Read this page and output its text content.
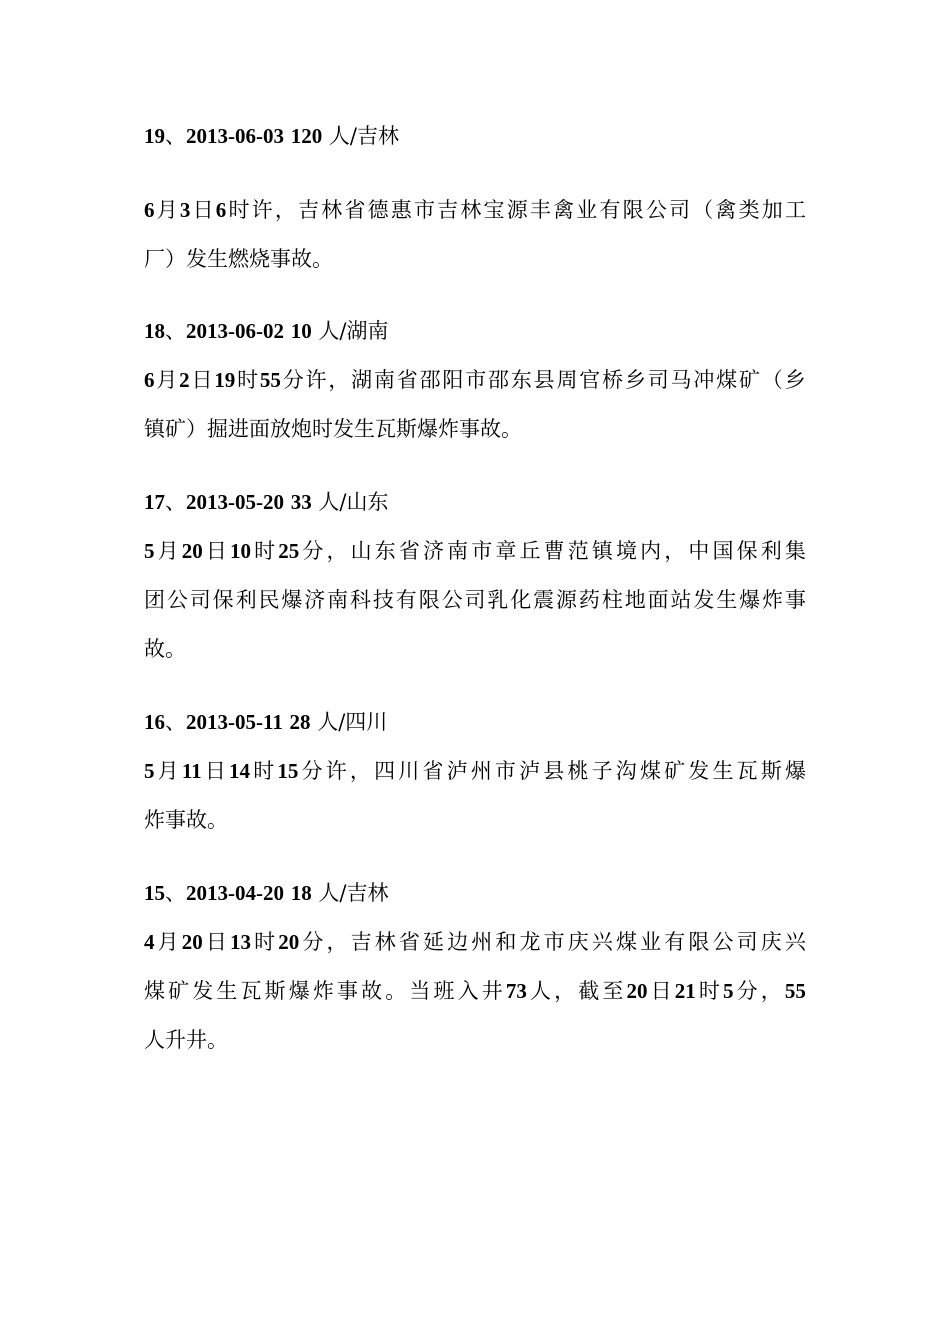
19、2013-06-03 120 人/吉林
6 月 3 日 6 时 许 ， 吉 林 省 德 惠 市 吉 林 宝 源 丰 禽 业 有 限 公 司 （ 禽 类 加 工
厂）发生燃烧事故。
18、2013-06-02 10 人/湖南
6 月 2 日 19 时 55 分 许 ， 湖 南 省 邵 阳 市 邵 东 县 周 官 桥 乡 司 马 冲 煤 矿 （ 乡
镇矿）掘进面放炮时发生瓦斯爆炸事故。
17、2013-05-20 33 人/山东
5 月 20 日 10 时 25 分 ， 山 东 省 济 南 市 章 丘 曹 范 镇 境 内 ， 中 国 保 利 集
团 公 司 保 利 民 爆 济 南 科 技 有 限 公 司 乳 化 震 源 药 柱 地 面 站 发 生 爆 炸 事
故。
16、2013-05-11 28 人/四川
5 月 11 日 14 时 15 分 许 ， 四 川 省 泸 州 市 泸 县 桃 子 沟 煤 矿 发 生 瓦 斯 爆
炸事故。
15、2013-04-20 18 人/吉林
4 月 20 日 13 时 20 分 ， 吉 林 省 延 边 州 和 龙 市 庆 兴 煤 业 有 限 公 司 庆 兴
煤 矿 发 生 瓦 斯 爆 炸 事 故 。 当 班 入 井 73 人 ， 截 至 20 日 21 时 5 分 ， 55
人升井。
